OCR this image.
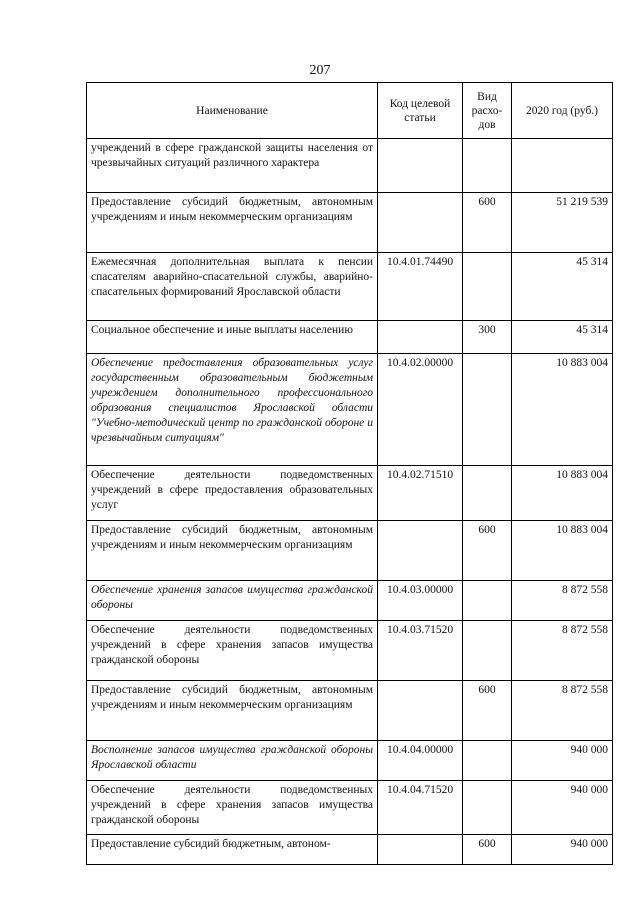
207
Наименование	Код целевой статьи	Вид расхо-дов	2020 год (руб.)
учреждений в сфере гражданской защиты населения от чрезвычайных ситуаций различного характера			
Предоставление субсидий бюджетным, автономным учреждениям и иным некоммерческим организациям		600	51 219 539
Ежемесячная дополнительная выплата к пенсии спасателям аварийно-спасательной службы, аварийно-спасательных формирований Ярославской области	10.4.01.74490		45 314
Социальное обеспечение и иные выплаты населению		300	45 314
Обеспечение предоставления образовательных услуг государственным образовательным бюджетным учреждением дополнительного профессионального образования специалистов Ярославской области "Учебно-методический центр по гражданской обороне и чрезвычайным ситуациям"	10.4.02.00000		10 883 004
Обеспечение деятельности подведомственных учреждений в сфере предоставления образовательных услуг	10.4.02.71510		10 883 004
Предоставление субсидий бюджетным, автономным учреждениям и иным некоммерческим организациям		600	10 883 004
Обеспечение хранения запасов имущества гражданской обороны	10.4.03.00000		8 872 558
Обеспечение деятельности подведомственных учреждений в сфере хранения запасов имущества гражданской обороны	10.4.03.71520		8 872 558
Предоставление субсидий бюджетным, автономным учреждениям и иным некоммерческим организациям		600	8 872 558
Восполнение запасов имущества гражданской обороны Ярославской области	10.4.04.00000		940 000
Обеспечение деятельности подведомственных учреждений в сфере хранения запасов имущества гражданской обороны	10.4.04.71520		940 000
Предоставление субсидий бюджетным, автоном-		600	940 000
